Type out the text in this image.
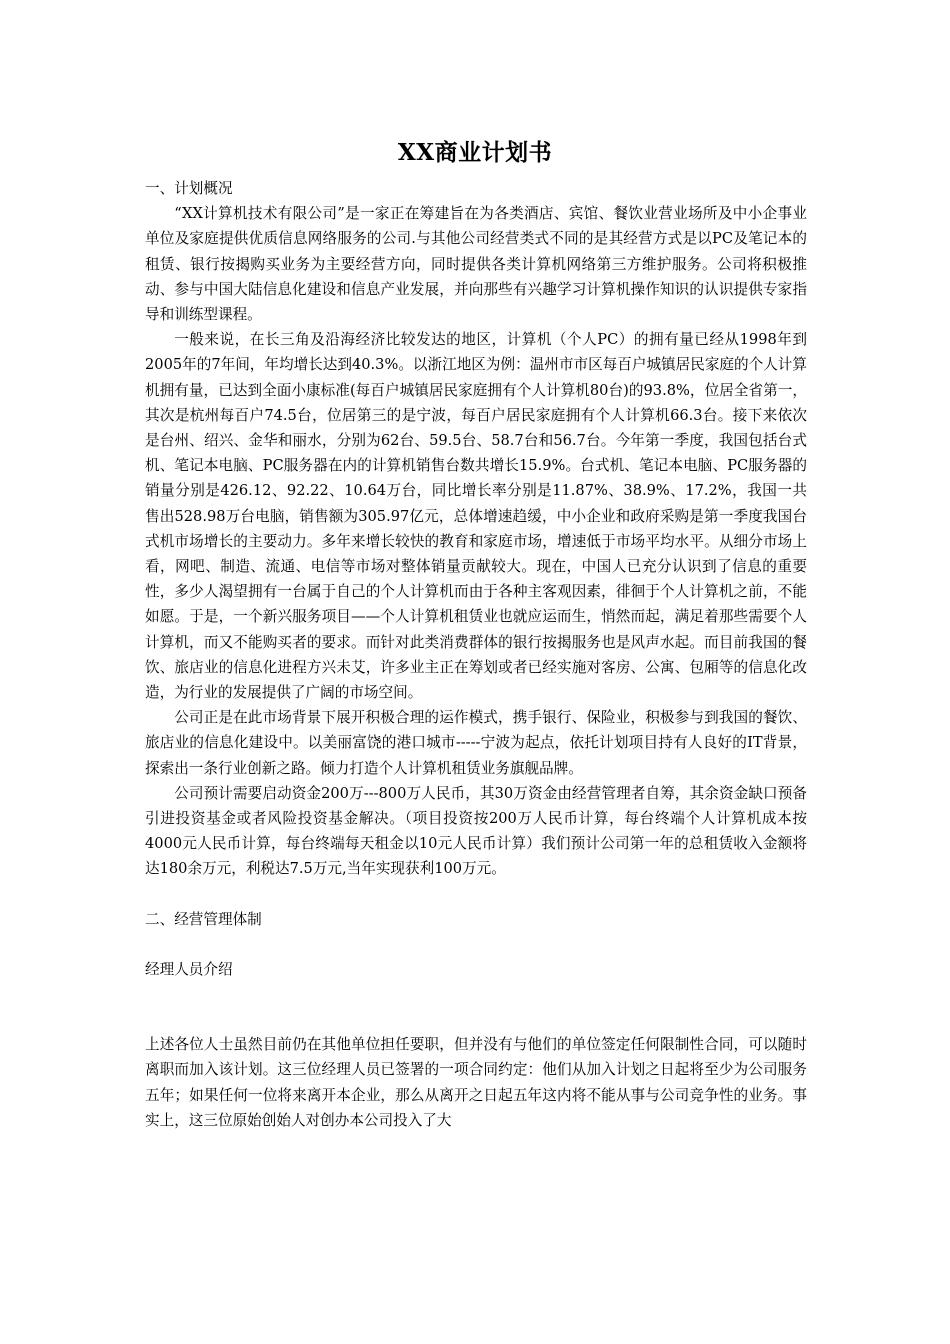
XX商业计划书

一、计划概况

“XX计算机技术有限公司”是一家正在筹建旨在为各类酒店、宾馆、餐饮业营业场所及中小企事业单位及家庭提供优质信息网络服务的公司.与其他公司经营类式不同的是其经营方式是以PC及笔记本的租赁、银行按揭购买业务为主要经营方向，同时提供各类计算机网络第三方维护服务。公司将积极推动、参与中国大陆信息化建设和信息产业发展，并向那些有兴趣学习计算机操作知识的认识提供专家指导和训练型课程。

一般来说，在长三角及沿海经济比较发达的地区，计算机（个人PC）的拥有量已经从1998年到2005年的7年间，年均增长达到40.3%。以浙江地区为例：温州市市区每百户城镇居民家庭的个人计算机拥有量，已达到全面小康标准(每百户城镇居民家庭拥有个人计算机80台)的93.8%，位居全省第一，其次是杭州每百户74.5台，位居第三的是宁波，每百户居民家庭拥有个人计算机66.3台。接下来依次是台州、绍兴、金华和丽水，分别为62台、59.5台、58.7台和56.7台。今年第一季度，我国包括台式机、笔记本电脑、PC服务器在内的计算机销售台数共增长15.9%。台式机、笔记本电脑、PC服务器的销量分别是426.12、92.22、10.64万台，同比增长率分别是11.87%、38.9%、17.2%，我国一共售出528.98万台电脑，销售额为305.97亿元，总体增速趋缓，中小企业和政府采购是第一季度我国台式机市场增长的主要动力。多年来增长较快的教育和家庭市场，增速低于市场平均水平。从细分市场上看，网吧、制造、流通、电信等市场对整体销量贡献较大。现在，中国人已充分认识到了信息的重要性，多少人渴望拥有一台属于自己的个人计算机而由于各种主客观因素，徘徊于个人计算机之前，不能如愿。于是，一个新兴服务项目——个人计算机租赁业也就应运而生，悄然而起，满足着那些需要个人计算机，而又不能购买者的要求。而针对此类消费群体的银行按揭服务也是风声水起。而目前我国的餐饮、旅店业的信息化进程方兴未艾，许多业主正在筹划或者已经实施对客房、公寓、包厢等的信息化改造，为行业的发展提供了广阔的市场空间。

公司正是在此市场背景下展开积极合理的运作模式，携手银行、保险业，积极参与到我国的餐饮、旅店业的信息化建设中。以美丽富饶的港口城市-----宁波为起点，依托计划项目持有人良好的IT背景，探索出一条行业创新之路。倾力打造个人计算机租赁业务旗舰品牌。

公司预计需要启动资金200万---800万人民币，其30万资金由经营管理者自筹，其余资金缺口预备引进投资基金或者风险投资基金解决。（项目投资按200万人民币计算，每台终端个人计算机成本按4000元人民币计算，每台终端每天租金以10元人民币计算）我们预计公司第一年的总租赁收入金额将达180余万元，利税达7.5万元,当年实现获利100万元。

二、经营管理体制

经理人员介绍

上述各位人士虽然目前仍在其他单位担任要职，但并没有与他们的单位签定任何限制性合同，可以随时离职而加入该计划。这三位经理人员已签署的一项合同约定：他们从加入计划之日起将至少为公司服务五年；如果任何一位将来离开本企业，那么从离开之日起五年这内将不能从事与公司竞争性的业务。事实上，这三位原始创始人对创办本公司投入了大
